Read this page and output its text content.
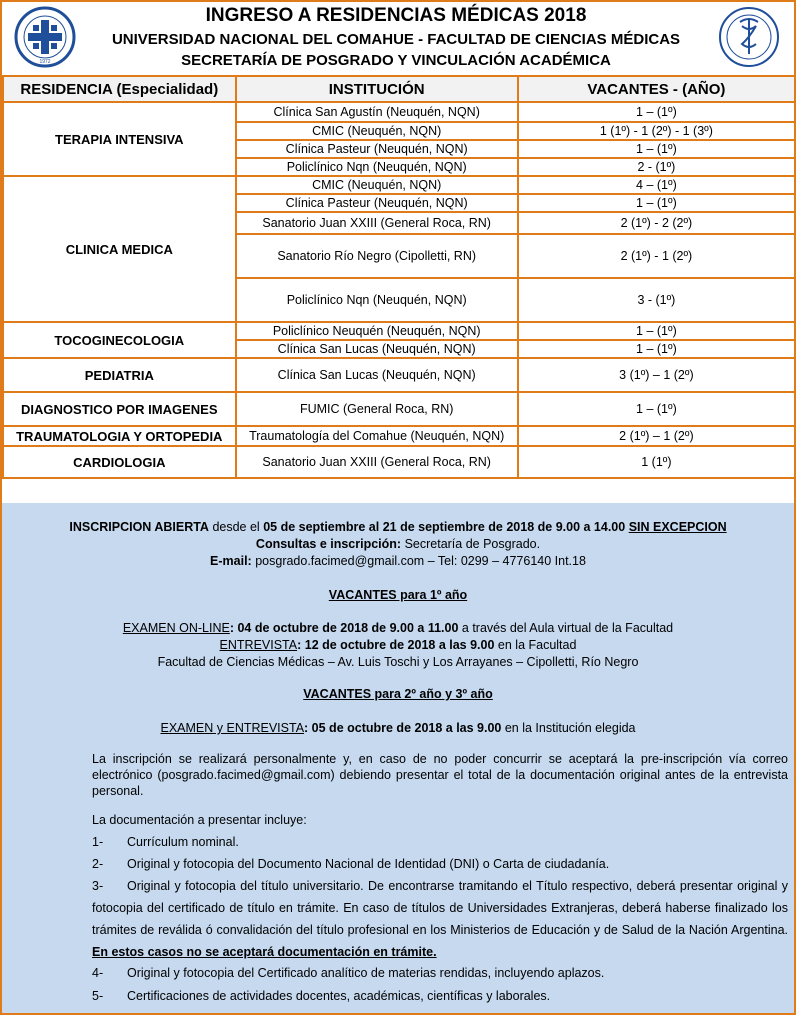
1972
INGRESO A RESIDENCIAS MÉDICAS 2018
UNIVERSIDAD NACIONAL DEL COMAHUE - FACULTAD DE CIENCIAS MÉDICAS
SECRETARÍA DE POSGRADO Y VINCULACIÓN ACADÉMICA
RESIDENCIA (Especialidad)	INSTITUCIÓN	VACANTES - (AÑO)
TERAPIA INTENSIVA	Clínica San Agustín (Neuquén, NQN)	1 – (1º)
	CMIC (Neuquén, NQN)	1 (1º) - 1 (2º) - 1 (3º)
	Clínica Pasteur (Neuquén, NQN)	1 – (1º)
	Policlínico Nqn (Neuquén, NQN)	2 - (1º)
CLINICA MEDICA	CMIC (Neuquén, NQN)	4 – (1º)
	Clínica Pasteur (Neuquén, NQN)	1 – (1º)
	Sanatorio Juan XXIII (General Roca, RN)	2 (1º) - 2 (2º)
	Sanatorio Río Negro (Cipolletti, RN)	2 (1º) - 1 (2º)
	Policlínico Nqn (Neuquén, NQN)	3 - (1º)
TOCOGINECOLOGIA	Policlínico Neuquén (Neuquén, NQN)	1 – (1º)
	Clínica San Lucas (Neuquén, NQN)	1 – (1º)
PEDIATRIA	Clínica San Lucas (Neuquén, NQN)	3 (1º) – 1 (2º)
DIAGNOSTICO POR IMAGENES	FUMIC (General Roca, RN)	1 – (1º)
TRAUMATOLOGIA Y ORTOPEDIA	Traumatología del Comahue (Neuquén, NQN)	2 (1º) – 1 (2º)
CARDIOLOGIA	Sanatorio Juan XXIII (General Roca, RN)	1 (1º)
INSCRIPCION ABIERTA desde el 05 de septiembre al 21 de septiembre de 2018 de 9.00 a 14.00 SIN EXCEPCION
Consultas e inscripción: Secretaría de Posgrado.
E-mail: posgrado.facimed@gmail.com – Tel: 0299 – 4776140 Int.18
VACANTES para 1º año
EXAMEN ON-LINE: 04 de octubre de 2018 de 9.00 a 11.00 a través del Aula virtual de la Facultad
ENTREVISTA: 12 de octubre de 2018 a las 9.00 en la Facultad
Facultad de Ciencias Médicas – Av. Luis Toschi y Los Arrayanes – Cipolletti, Río Negro
VACANTES para 2º año y 3º año
EXAMEN y ENTREVISTA: 05 de octubre de 2018 a las 9.00 en la Institución elegida
La inscripción se realizará personalmente y, en caso de no poder concurrir se aceptará la pre-inscripción vía correo electrónico (posgrado.facimed@gmail.com) debiendo presentar el total de la documentación original antes de la entrevista personal.
La documentación a presentar incluye:
1- Currículum nominal.
2- Original y fotocopia del Documento Nacional de Identidad (DNI) o Carta de ciudadanía.
3- Original y fotocopia del título universitario. De encontrarse tramitando el Título respectivo, deberá presentar original y fotocopia del certificado de título en trámite. En caso de títulos de Universidades Extranjeras, deberá haberse finalizado los trámites de reválida ó convalidación del título profesional en los Ministerios de Educación y de Salud de la Nación Argentina. En estos casos no se aceptará documentación en trámite.
4- Original y fotocopia del Certificado analítico de materias rendidas, incluyendo aplazos.
5- Certificaciones de actividades docentes, académicas, científicas y laborales.
